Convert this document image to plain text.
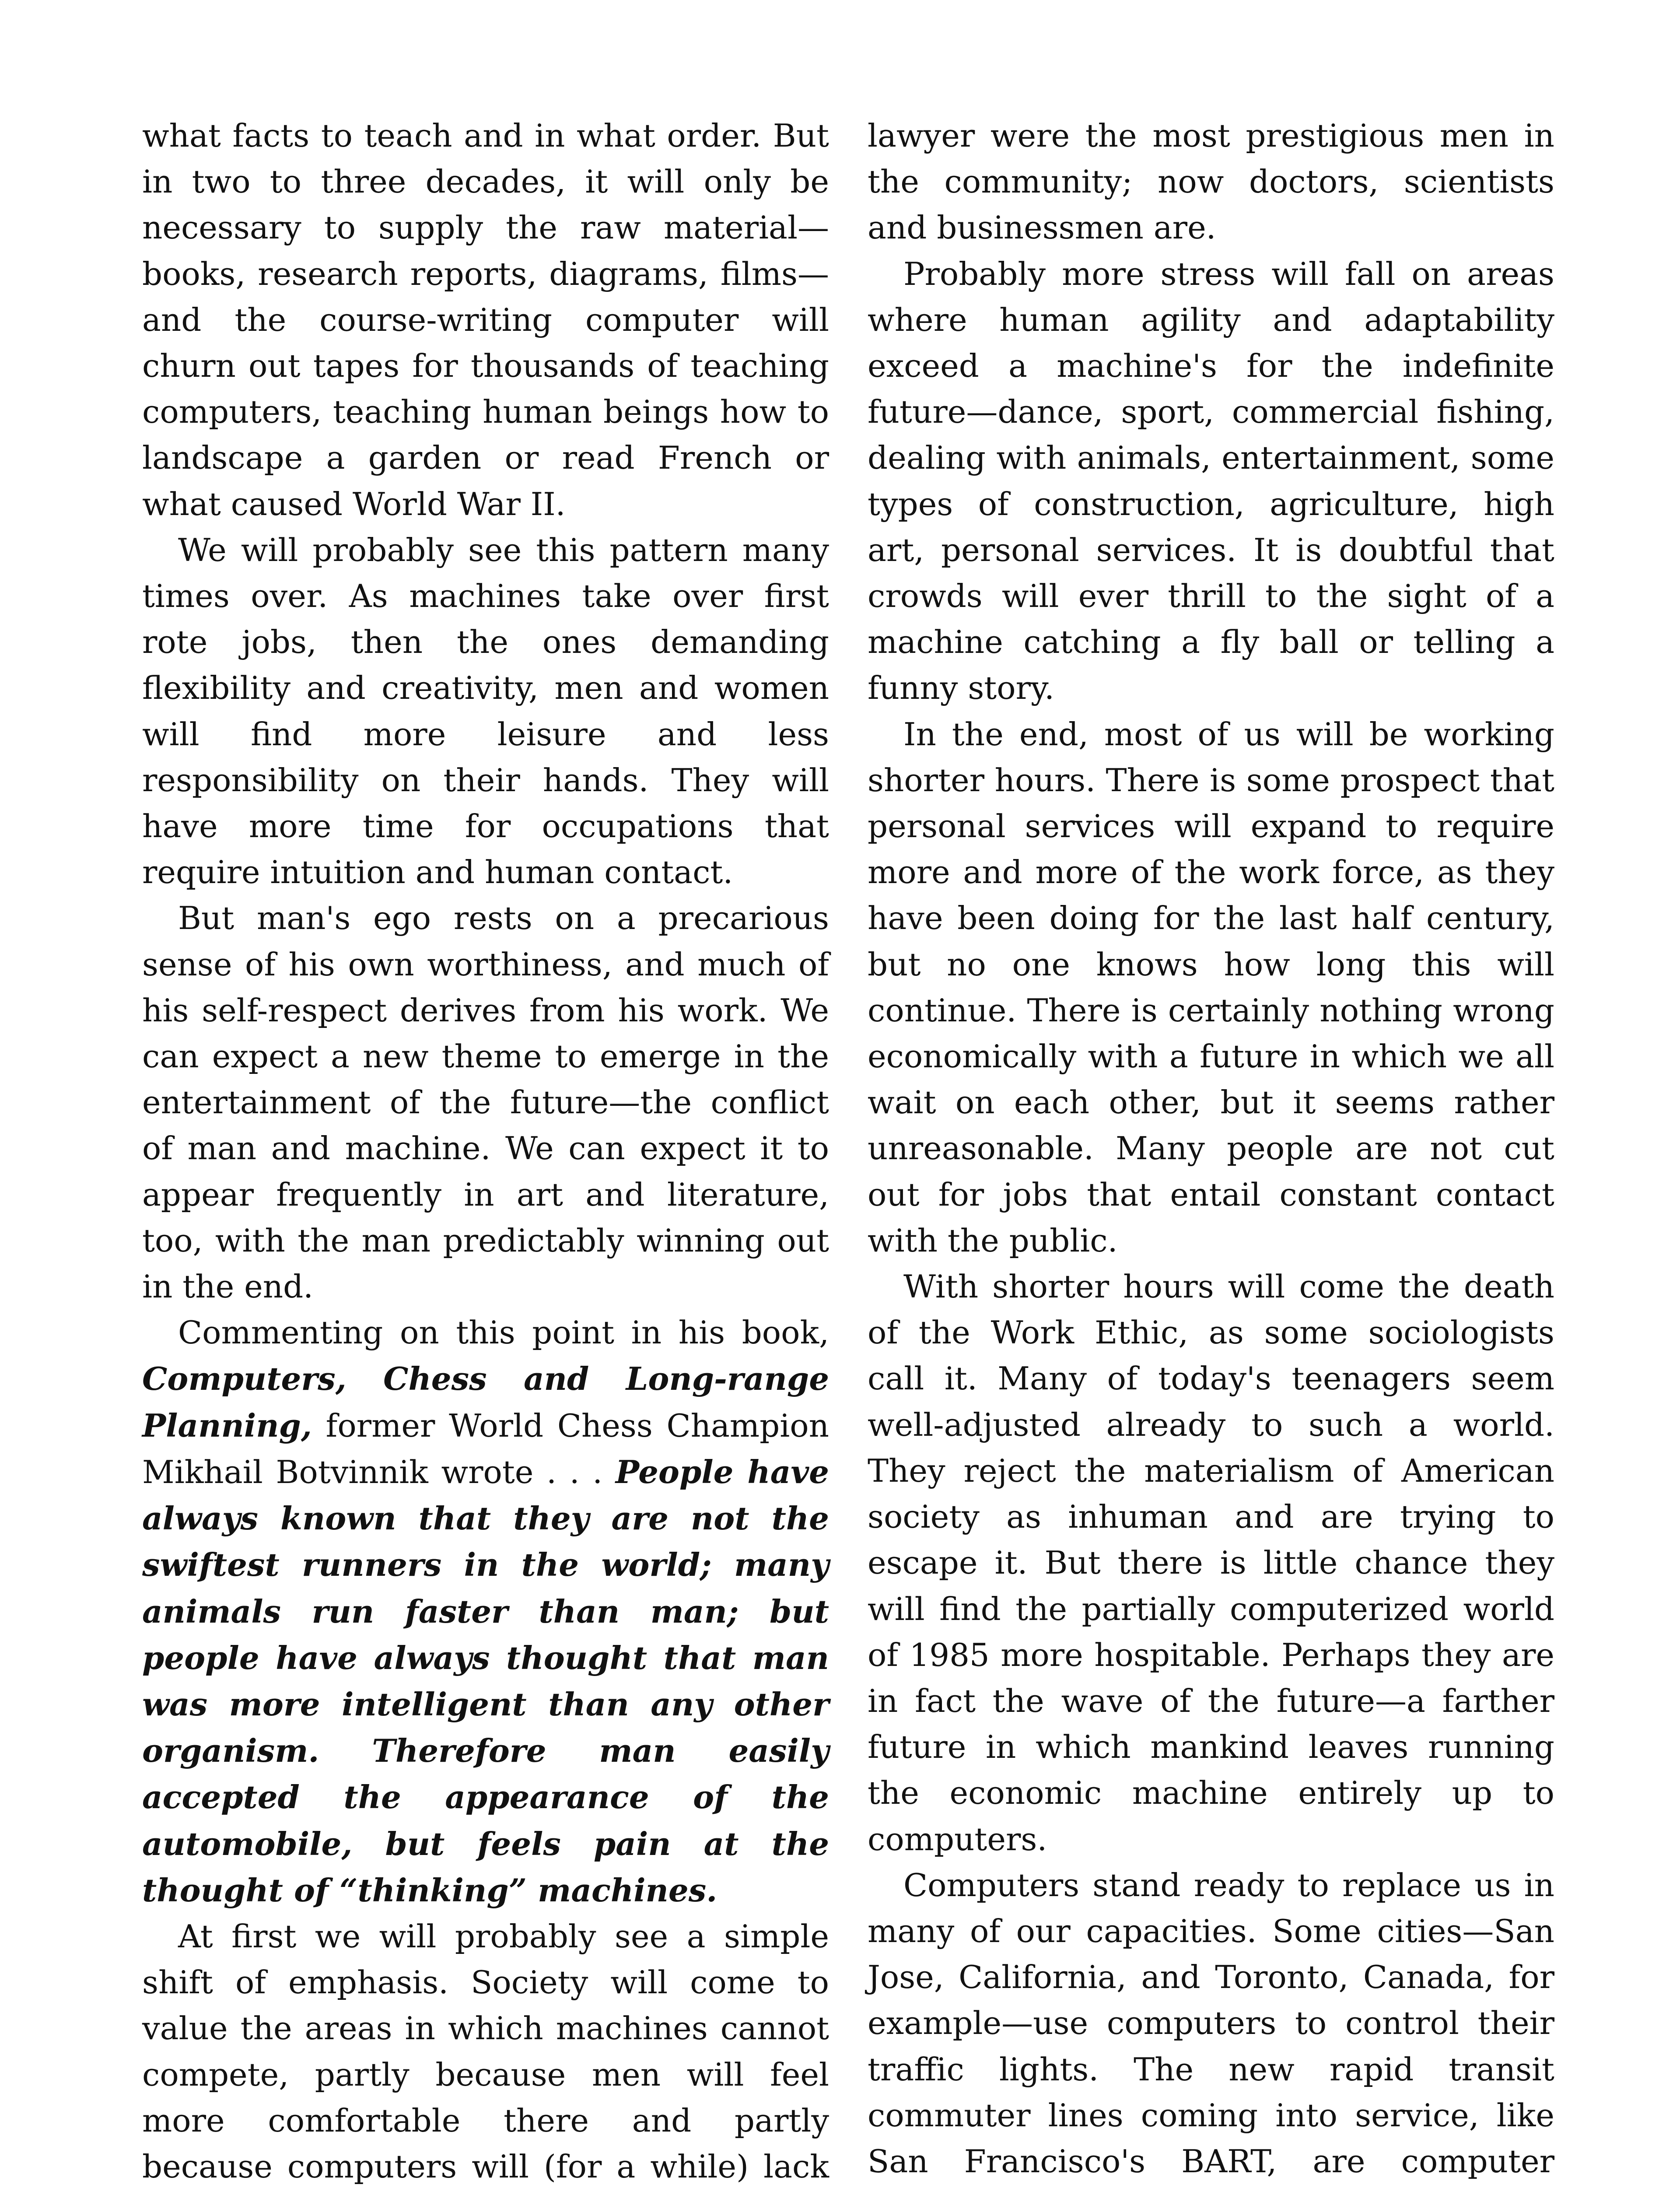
what facts to teach and in what order. But in two to three decades, it will only be necessary to supply the raw material—books, research reports, diagrams, films—and the course-writing computer will churn out tapes for thousands of teaching computers, teaching human beings how to landscape a garden or read French or what caused World War II.

We will probably see this pattern many times over. As machines take over first rote jobs, then the ones demanding flexibility and creativity, men and women will find more leisure and less responsibility on their hands. They will have more time for occupations that require intuition and human contact.

But man's ego rests on a precarious sense of his own worthiness, and much of his self-respect derives from his work. We can expect a new theme to emerge in the entertainment of the future—the conflict of man and machine. We can expect it to appear frequently in art and literature, too, with the man predictably winning out in the end.

Commenting on this point in his book, Computers, Chess and Long-range Planning, former World Chess Champion Mikhail Botvinnik wrote . . . People have always known that they are not the swiftest runners in the world; many animals run faster than man; but people have always thought that man was more intelligent than any other organism. Therefore man easily accepted the appearance of the automobile, but feels pain at the thought of “thinking” machines.

At first we will probably see a simple shift of emphasis. Society will come to value the areas in which machines cannot compete, partly because men will feel more comfortable there and partly because computers will (for a while) lack

lawyer were the most prestigious men in the community; now doctors, scientists and businessmen are.

Probably more stress will fall on areas where human agility and adaptability exceed a machine's for the indefinite future—dance, sport, commercial fishing, dealing with animals, entertainment, some types of construction, agriculture, high art, personal services. It is doubtful that crowds will ever thrill to the sight of a machine catching a fly ball or telling a funny story.

In the end, most of us will be working shorter hours. There is some prospect that personal services will expand to require more and more of the work force, as they have been doing for the last half century, but no one knows how long this will continue. There is certainly nothing wrong economically with a future in which we all wait on each other, but it seems rather unreasonable. Many people are not cut out for jobs that entail constant contact with the public.

With shorter hours will come the death of the Work Ethic, as some sociologists call it. Many of today's teenagers seem well-adjusted already to such a world. They reject the materialism of American society as inhuman and are trying to escape it. But there is little chance they will find the partially computerized world of 1985 more hospitable. Perhaps they are in fact the wave of the future—a farther future in which mankind leaves running the economic machine entirely up to computers.

Computers stand ready to replace us in many of our capacities. Some cities—San Jose, California, and Toronto, Canada, for example—use computers to control their traffic lights. The new rapid transit commuter lines coming into service, like San Francisco's BART, are computer
